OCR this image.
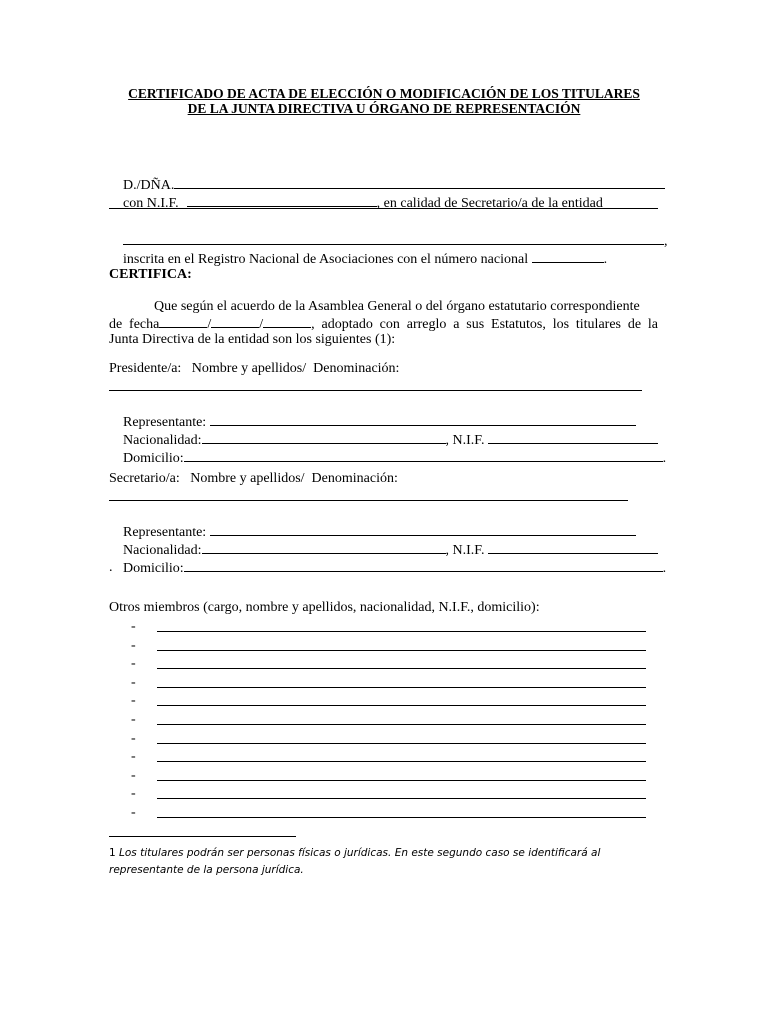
CERTIFICADO DE ACTA DE ELECCIÓN O MODIFICACIÓN DE LOS TITULARES
DE LA JUNTA DIRECTIVA U ÓRGANO DE REPRESENTACIÓN

D./DÑA.

con N.I.F.	, en calidad de Secretario/a de la entidad

,

inscrita en el Registro Nacional de Asociaciones con el número nacional	.

CERTIFICA:
Que según el acuerdo de la Asamblea General o del órgano estatutario correspondiente
de fecha	/	/	, adoptado con arreglo a sus Estatutos, los titulares de la
Junta Directiva de la entidad son los siguientes (1):
Presidente/a:   Nombre y apellidos/  Denominación:

Representante:

Nacionalidad:	, N.I.F.

Domicilio:	.

Secretario/a:   Nombre y apellidos/  Denominación:

Representante:

Nacionalidad:	, N.I.F.

Domicilio:	.

.
Otros miembros (cargo, nombre y apellidos, nacionalidad, N.I.F., domicilio):
-
-
-
-
-
-
-
-
-
-
-
1 Los titulares podrán ser personas físicas o jurídicas. En este segundo caso se identificará al
representante de la persona jurídica.
